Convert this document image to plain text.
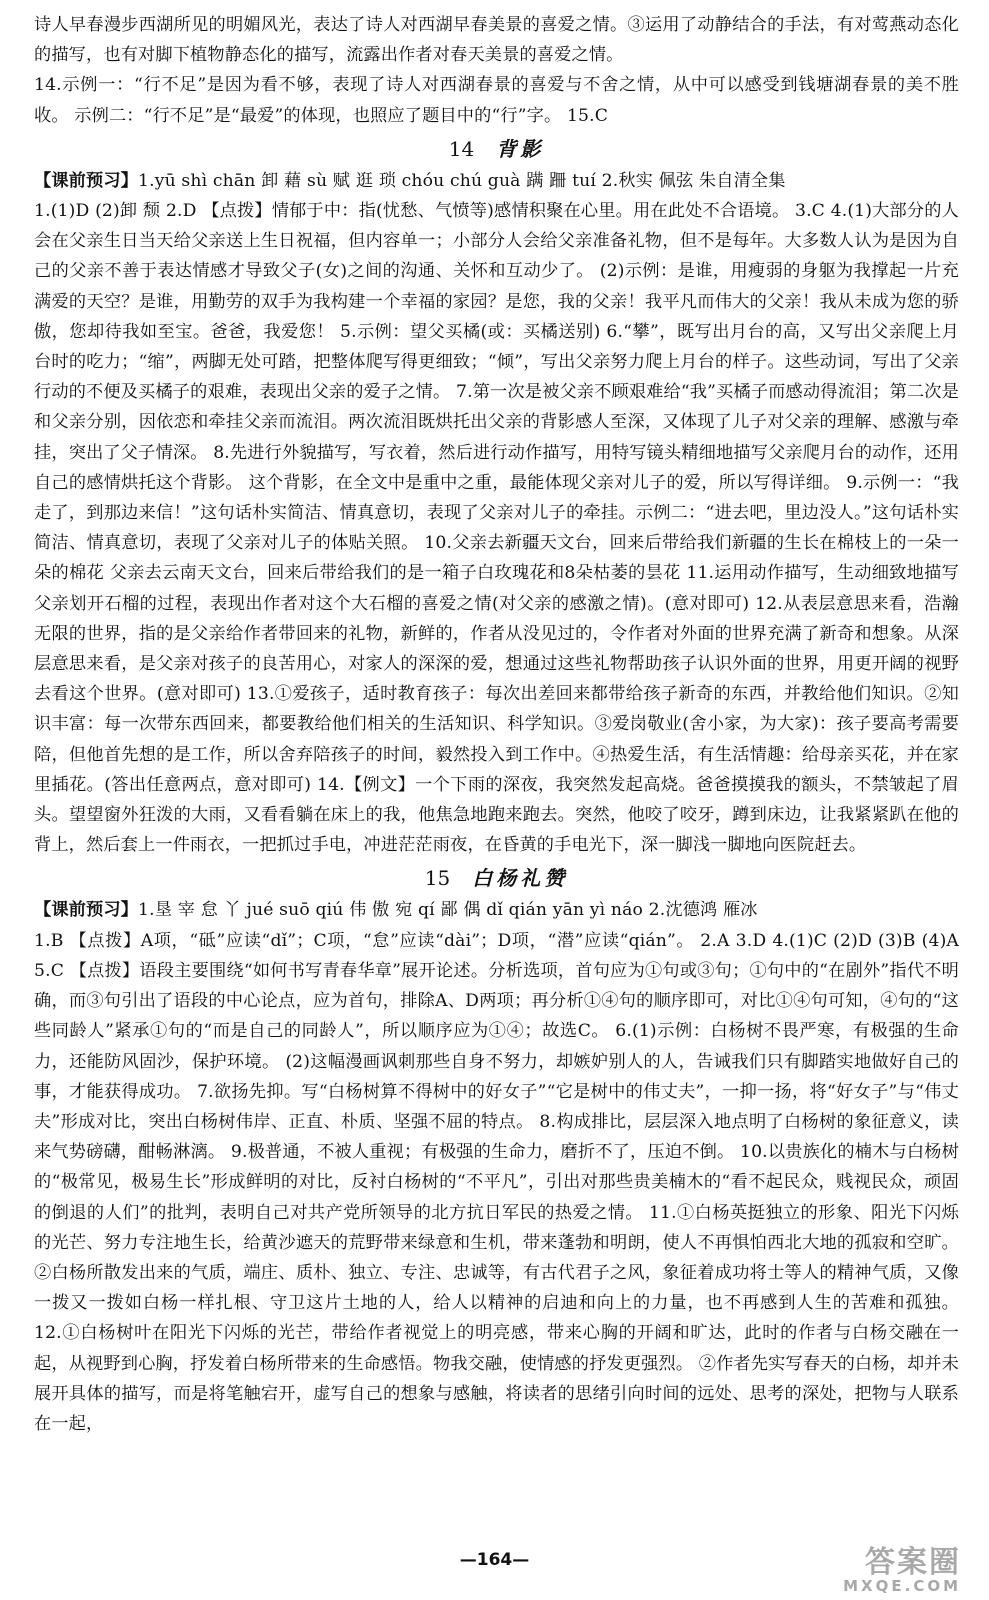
诗人早春漫步西湖所见的明媚风光，表达了诗人对西湖早春美景的喜爱之情。③运用了动静结合的手法，有对莺燕动态化的描写，也有对脚下植物静态化的描写，流露出作者对春天美景的喜爱之情。

14.示例一：“行不足”是因为看不够，表现了诗人对西湖春景的喜爱与不舍之情，从中可以感受到钱塘湖春景的美不胜收。 示例二：“行不足”是“最爱”的体现，也照应了题目中的“行”字。 15.C

14 背影

【课前预习】1.yū shì chān 卸 藉 sù 赋 逛 琐 chóu chú guà 蹒 跚 tuí 2.秋实 佩弦 朱自清全集

1.(1)D (2)卸 颓 2.D 【点拨】情郁于中：指(忧愁、气愤等)感情积聚在心里。用在此处不合语境。 3.C 4.(1)大部分的人会在父亲生日当天给父亲送上生日祝福，但内容单一；小部分人会给父亲准备礼物，但不是每年。大多数人认为是因为自己的父亲不善于表达情感才导致父子(女)之间的沟通、关怀和互动少了。 (2)示例：是谁，用瘦弱的身躯为我撑起一片充满爱的天空？是谁，用勤劳的双手为我构建一个幸福的家园？是您，我的父亲！我平凡而伟大的父亲！我从未成为您的骄傲，您却待我如至宝。爸爸，我爱您！ 5.示例：望父买橘(或：买橘送别) 6.“攀”，既写出月台的高，又写出父亲爬上月台时的吃力；“缩”，两脚无处可踏，把整体爬写得更细致；“倾”，写出父亲努力爬上月台的样子。这些动词，写出了父亲行动的不便及买橘子的艰难，表现出父亲的爱子之情。 7.第一次是被父亲不顾艰难给“我”买橘子而感动得流泪；第二次是和父亲分别，因依恋和牵挂父亲而流泪。两次流泪既烘托出父亲的背影感人至深，又体现了儿子对父亲的理解、感激与牵挂，突出了父子情深。 8.先进行外貌描写，写衣着，然后进行动作描写，用特写镜头精细地描写父亲爬月台的动作，还用自己的感情烘托这个背影。 这个背影，在全文中是重中之重，最能体现父亲对儿子的爱，所以写得详细。 9.示例一：“我走了，到那边来信！”这句话朴实简洁、情真意切，表现了父亲对儿子的牵挂。示例二：“进去吧，里边没人。”这句话朴实简洁、情真意切，表现了父亲对儿子的体贴关照。 10.父亲去新疆天文台，回来后带给我们新疆的生长在棉枝上的一朵一朵的棉花 父亲去云南天文台，回来后带给我们的是一箱子白玫瑰花和8朵枯萎的昙花 11.运用动作描写，生动细致地描写父亲划开石榴的过程，表现出作者对这个大石榴的喜爱之情(对父亲的感激之情)。(意对即可) 12.从表层意思来看，浩瀚无限的世界，指的是父亲给作者带回来的礼物，新鲜的，作者从没见过的，令作者对外面的世界充满了新奇和想象。从深层意思来看，是父亲对孩子的良苦用心，对家人的深深的爱，想通过这些礼物帮助孩子认识外面的世界，用更开阔的视野去看这个世界。(意对即可) 13.①爱孩子，适时教育孩子：每次出差回来都带给孩子新奇的东西，并教给他们知识。②知识丰富：每一次带东西回来，都要教给他们相关的生活知识、科学知识。③爱岗敬业(舍小家，为大家)：孩子要高考需要陪，但他首先想的是工作，所以舍弃陪孩子的时间，毅然投入到工作中。④热爱生活，有生活情趣：给母亲买花，并在家里插花。(答出任意两点，意对即可) 14.【例文】一个下雨的深夜，我突然发起高烧。爸爸摸摸我的额头，不禁皱起了眉头。望望窗外狂泼的大雨，又看看躺在床上的我，他焦急地跑来跑去。突然，他咬了咬牙，蹲到床边，让我紧紧趴在他的背上，然后套上一件雨衣，一把抓过手电，冲进茫茫雨夜，在昏黄的手电光下，深一脚浅一脚地向医院赶去。

15 白杨礼赞

【课前预习】1.垦 宰 怠 丫 jué suō qiú 伟 傲 宛 qí 鄙 偶 dǐ qián yān yì náo 2.沈德鸿 雁冰

1.B 【点拨】A项，“砥”应读“dǐ”；C项，“怠”应读“dài”；D项，“潜”应读“qián”。 2.A 3.D 4.(1)C (2)D (3)B (4)A 5.C 【点拨】语段主要围绕“如何书写青春华章”展开论述。分析选项，首句应为①句或③句；①句中的“在剧外”指代不明确，而③句引出了语段的中心论点，应为首句，排除A、D两项；再分析①④句的顺序即可，对比①④句可知，④句的“这些同龄人”紧承①句的“而是自己的同龄人”，所以顺序应为①④；故选C。 6.(1)示例：白杨树不畏严寒，有极强的生命力，还能防风固沙，保护环境。 (2)这幅漫画讽刺那些自身不努力，却嫉妒别人的人，告诫我们只有脚踏实地做好自己的事，才能获得成功。 7.欲扬先抑。写“白杨树算不得树中的好女子”“它是树中的伟丈夫”，一抑一扬，将“好女子”与“伟丈夫”形成对比，突出白杨树伟岸、正直、朴质、坚强不屈的特点。 8.构成排比，层层深入地点明了白杨树的象征意义，读来气势磅礴，酣畅淋漓。 9.极普通，不被人重视；有极强的生命力，磨折不了，压迫不倒。 10.以贵族化的楠木与白杨树的“极常见，极易生长”形成鲜明的对比，反衬白杨树的“不平凡”，引出对那些贵美楠木的“看不起民众，贱视民众，顽固的倒退的人们”的批判，表明自己对共产党所领导的北方抗日军民的热爱之情。 11.①白杨英挺独立的形象、阳光下闪烁的光芒、努力专注地生长，给黄沙遮天的荒野带来绿意和生机，带来蓬勃和明朗，使人不再惧怕西北大地的孤寂和空旷。 ②白杨所散发出来的气质，端庄、质朴、独立、专注、忠诚等，有古代君子之风，象征着成功将士等人的精神气质，又像一拨又一拨如白杨一样扎根、守卫这片土地的人，给人以精神的启迪和向上的力量，也不再感到人生的苦难和孤独。 12.①白杨树叶在阳光下闪烁的光芒，带给作者视觉上的明亮感，带来心胸的开阔和旷达，此时的作者与白杨交融在一起，从视野到心胸，抒发着白杨所带来的生命感悟。物我交融，使情感的抒发更强烈。 ②作者先实写春天的白杨，却并未展开具体的描写，而是将笔触宕开，虚写自己的想象与感触，将读者的思绪引向时间的远处、思考的深处，把物与人联系在一起，

—164—	答案圈
MXQE.COM
